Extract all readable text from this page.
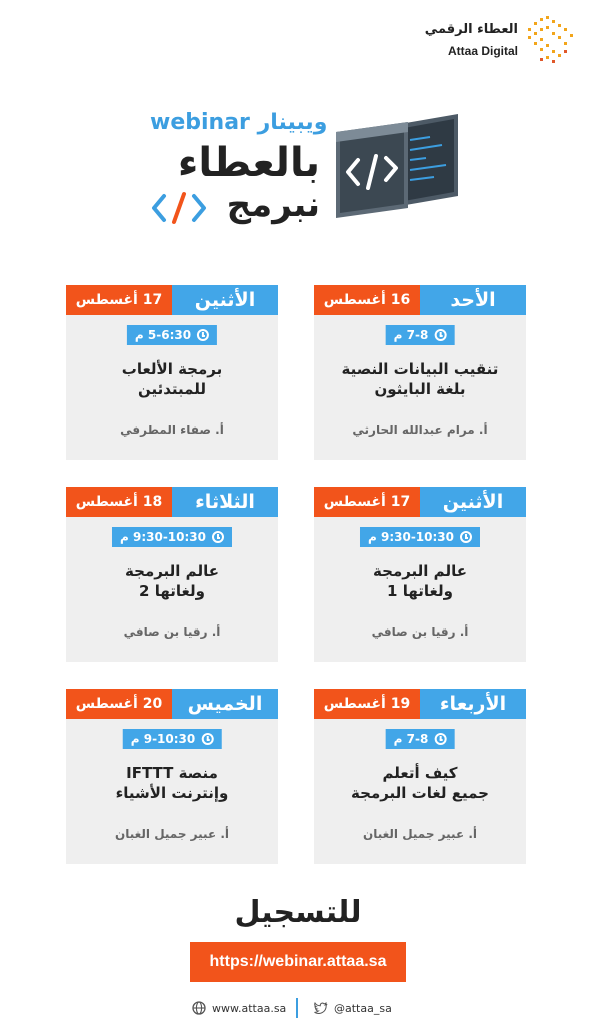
العطاء الرقمي
Attaa Digital
webinar ويبينار
بالعطاء
نبرمج
الأحد
16 أغسطس
7-8 م
تنقيب البيانات النصية
بلغة البايثون
أ. مرام عبدالله الحارثي
الأثنين
17 أغسطس
5-6:30 م
برمجة الألعاب
للمبتدئين
أ. صفاء المطرفي
الأثنين
17 أغسطس
9:30-10:30 م
عالم البرمجة
ولغاتها 1
أ. رقيا بن صافي
الثلاثاء
18 أغسطس
9:30-10:30 م
عالم البرمجة
ولغاتها 2
أ. رقيا بن صافي
الأربعاء
19 أغسطس
7-8 م
كيف أتعلم
جميع لغات البرمجة
أ. عبير جميل الغبان
الخميس
20 أغسطس
9-10:30 م
منصة IFTTT
وإنترنت الأشياء
أ. عبير جميل الغبان
للتسجيل
https://webinar.attaa.sa
www.attaa.sa	@attaa_sa
